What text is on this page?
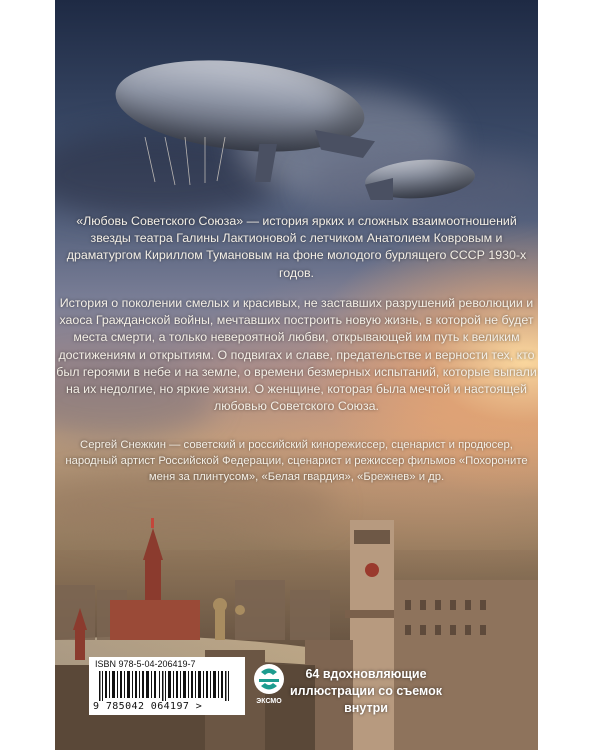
«Любовь Советского Союза» — история ярких и сложных взаимоотношений звезды театра Галины Лактионовой с летчиком Анатолием Ковровым и драматургом Кириллом Тумановым на фоне молодого бурлящего СССР 1930-х годов.
История о поколении смелых и красивых, не заставших разрушений революции и хаоса Гражданской войны, мечтавших построить новую жизнь, в которой не будет места смерти, а только невероятной любви, открывающей им путь к великим достижениям и открытиям. О подвигах и славе, предательстве и верности тех, кто был героями в небе и на земле, о времени безмерных испытаний, которые выпали на их недолгие, но яркие жизни. О женщине, которая была мечтой и настоящей любовью Советского Союза.
Сергей Снежкин — советский и российский кинорежиссер, сценарист и продюсер, народный артист Российской Федерации, сценарист и режиссер фильмов «Похороните меня за плинтусом», «Белая гвардия», «Брежнев» и др.
ISBN 978-5-04-206419-7
9 785042 064197 >	ЭКСМО
64 вдохновляющие иллюстрации со съемок внутри
